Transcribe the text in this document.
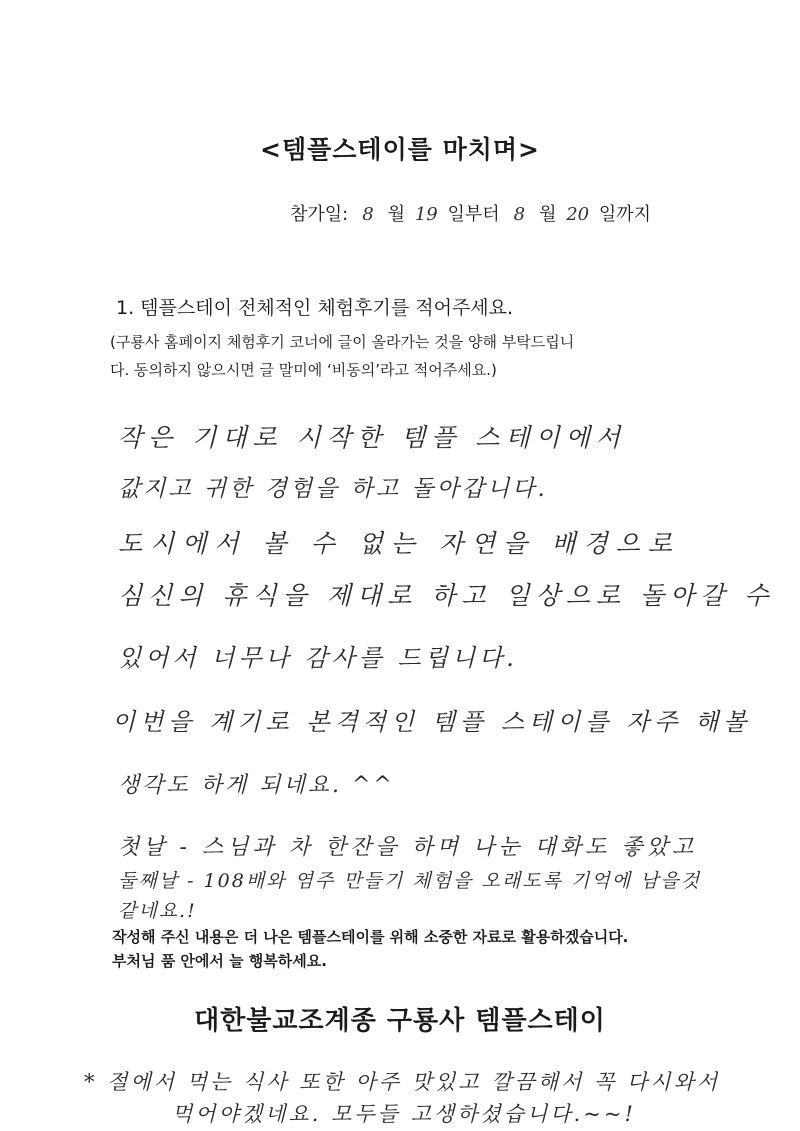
<템플스테이를 마치며>
참가일: 8 월 19 일부터 8 월 20 일까지
1. 템플스테이 전체적인 체험후기를 적어주세요.
(구룡사 홈페이지 체험후기 코너에 글이 올라가는 것을 양해 부탁드립니
다. 동의하지 않으시면 글 말미에 ‘비동의’라고 적어주세요.)
작은 기대로 시작한 템플 스테이에서
값지고 귀한 경험을 하고 돌아갑니다.
도시에서 볼 수 없는 자연을 배경으로
심신의 휴식을 제대로 하고 일상으로 돌아갈 수
있어서 너무나 감사를 드립니다.
이번을 계기로 본격적인 템플 스테이를 자주 해볼
생각도 하게 되네요. ^^
첫날 - 스님과 차 한잔을 하며 나눈 대화도 좋았고
둘째날 - 108배와 염주 만들기 체험을 오래도록 기억에 남을것
같네요.!
작성해 주신 내용은 더 나은 템플스테이를 위해 소중한 자료로 활용하겠습니다.
부처님 품 안에서 늘 행복하세요.
대한불교조계종 구룡사 템플스테이
* 절에서 먹는 식사 또한 아주 맛있고 깔끔해서 꼭 다시와서
먹어야겠네요. 모두들 고생하셨습니다.~~!
